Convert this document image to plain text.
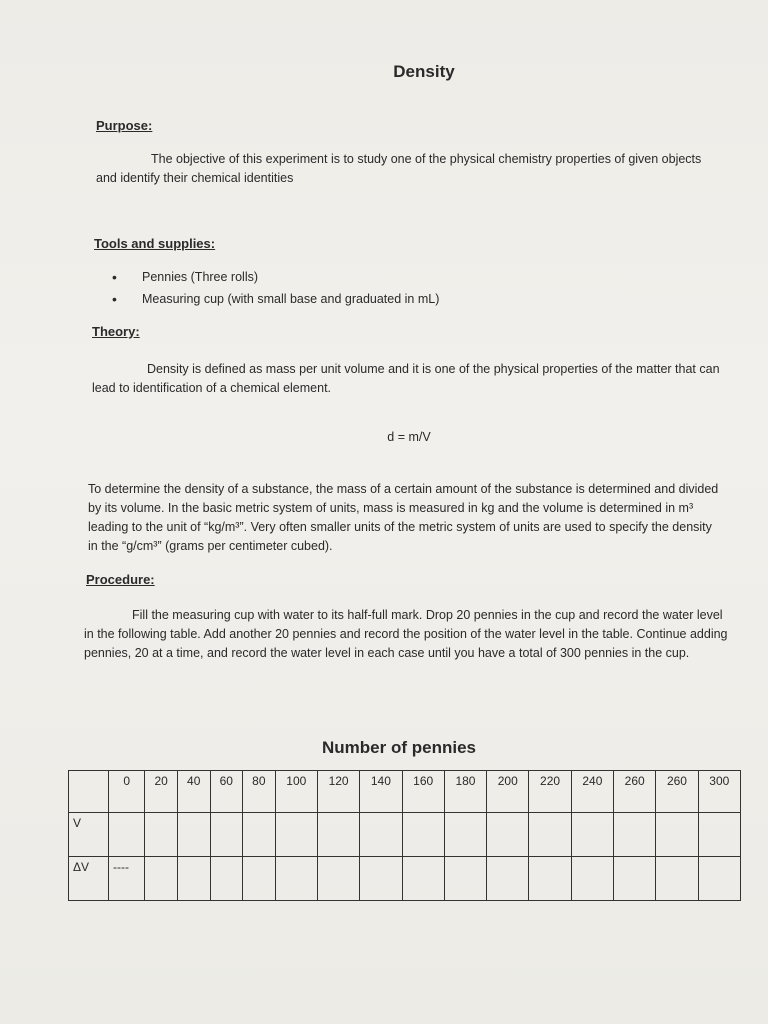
Density
Purpose:
The objective of this experiment is to study one of the physical chemistry properties of given objects and identify their chemical identities
Tools and supplies:
•	Pennies (Three rolls)
•	Measuring cup (with small base and graduated in mL)
Theory:
Density is defined as mass per unit volume and it is one of the physical properties of the matter that can lead to identification of a chemical element.
d = m/V
To determine the density of a substance, the mass of a certain amount of the substance is determined and divided by its volume. In the basic metric system of units, mass is measured in kg and the volume is determined in m³ leading to the unit of “kg/m³”. Very often smaller units of the metric system of units are used to specify the density in the “g/cm³” (grams per centimeter cubed).
Procedure:
Fill the measuring cup with water to its half-full mark. Drop 20 pennies in the cup and record the water level in the following table. Add another 20 pennies and record the position of the water level in the table. Continue adding pennies, 20 at a time, and record the water level in each case until you have a total of 300 pennies in the cup.
Number of pennies
	0	20	40	60	80	100	120	140	160	180	200	220	240	260	260	300
V																
ΔV	----															
